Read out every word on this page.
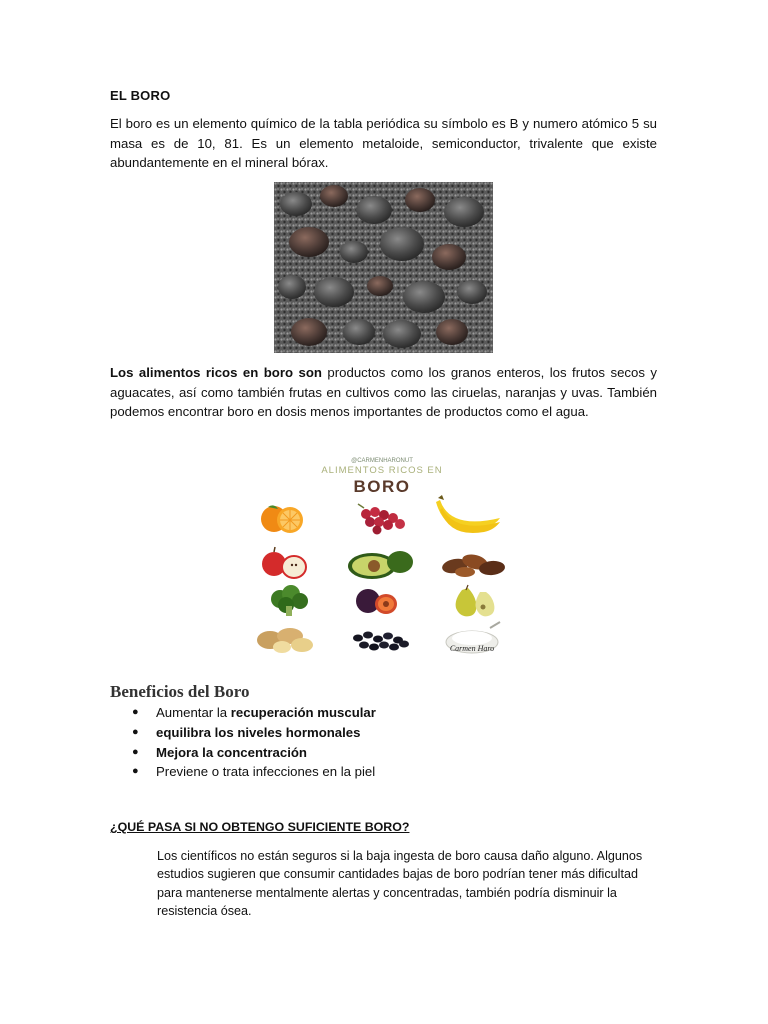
EL BORO
El boro es un elemento químico de la tabla periódica su símbolo es B y numero atómico 5 su masa es de 10, 81. Es un elemento metaloide, semiconductor, trivalente que existe abundantemente en el mineral bórax.
Los alimentos ricos en boro son productos como los granos enteros, los frutos secos y aguacates, así como también frutas en cultivos como las ciruelas, naranjas y uvas. También podemos encontrar boro en dosis menos importantes de productos como el agua.
@CARMENHARONUT
ALIMENTOS RICOS EN
BORO
Carmen Haro
Beneficios del Boro
● Aumentar la recuperación muscular
● equilibra los niveles hormonales
● Mejora la concentración
● Previene o trata infecciones en la piel
¿QUÉ PASA SI NO OBTENGO SUFICIENTE BORO?
Los científicos no están seguros si la baja ingesta de boro causa daño alguno. Algunos estudios sugieren que consumir cantidades bajas de boro podrían tener más dificultad para mantenerse mentalmente alertas y concentradas, también podría disminuir la resistencia ósea.
